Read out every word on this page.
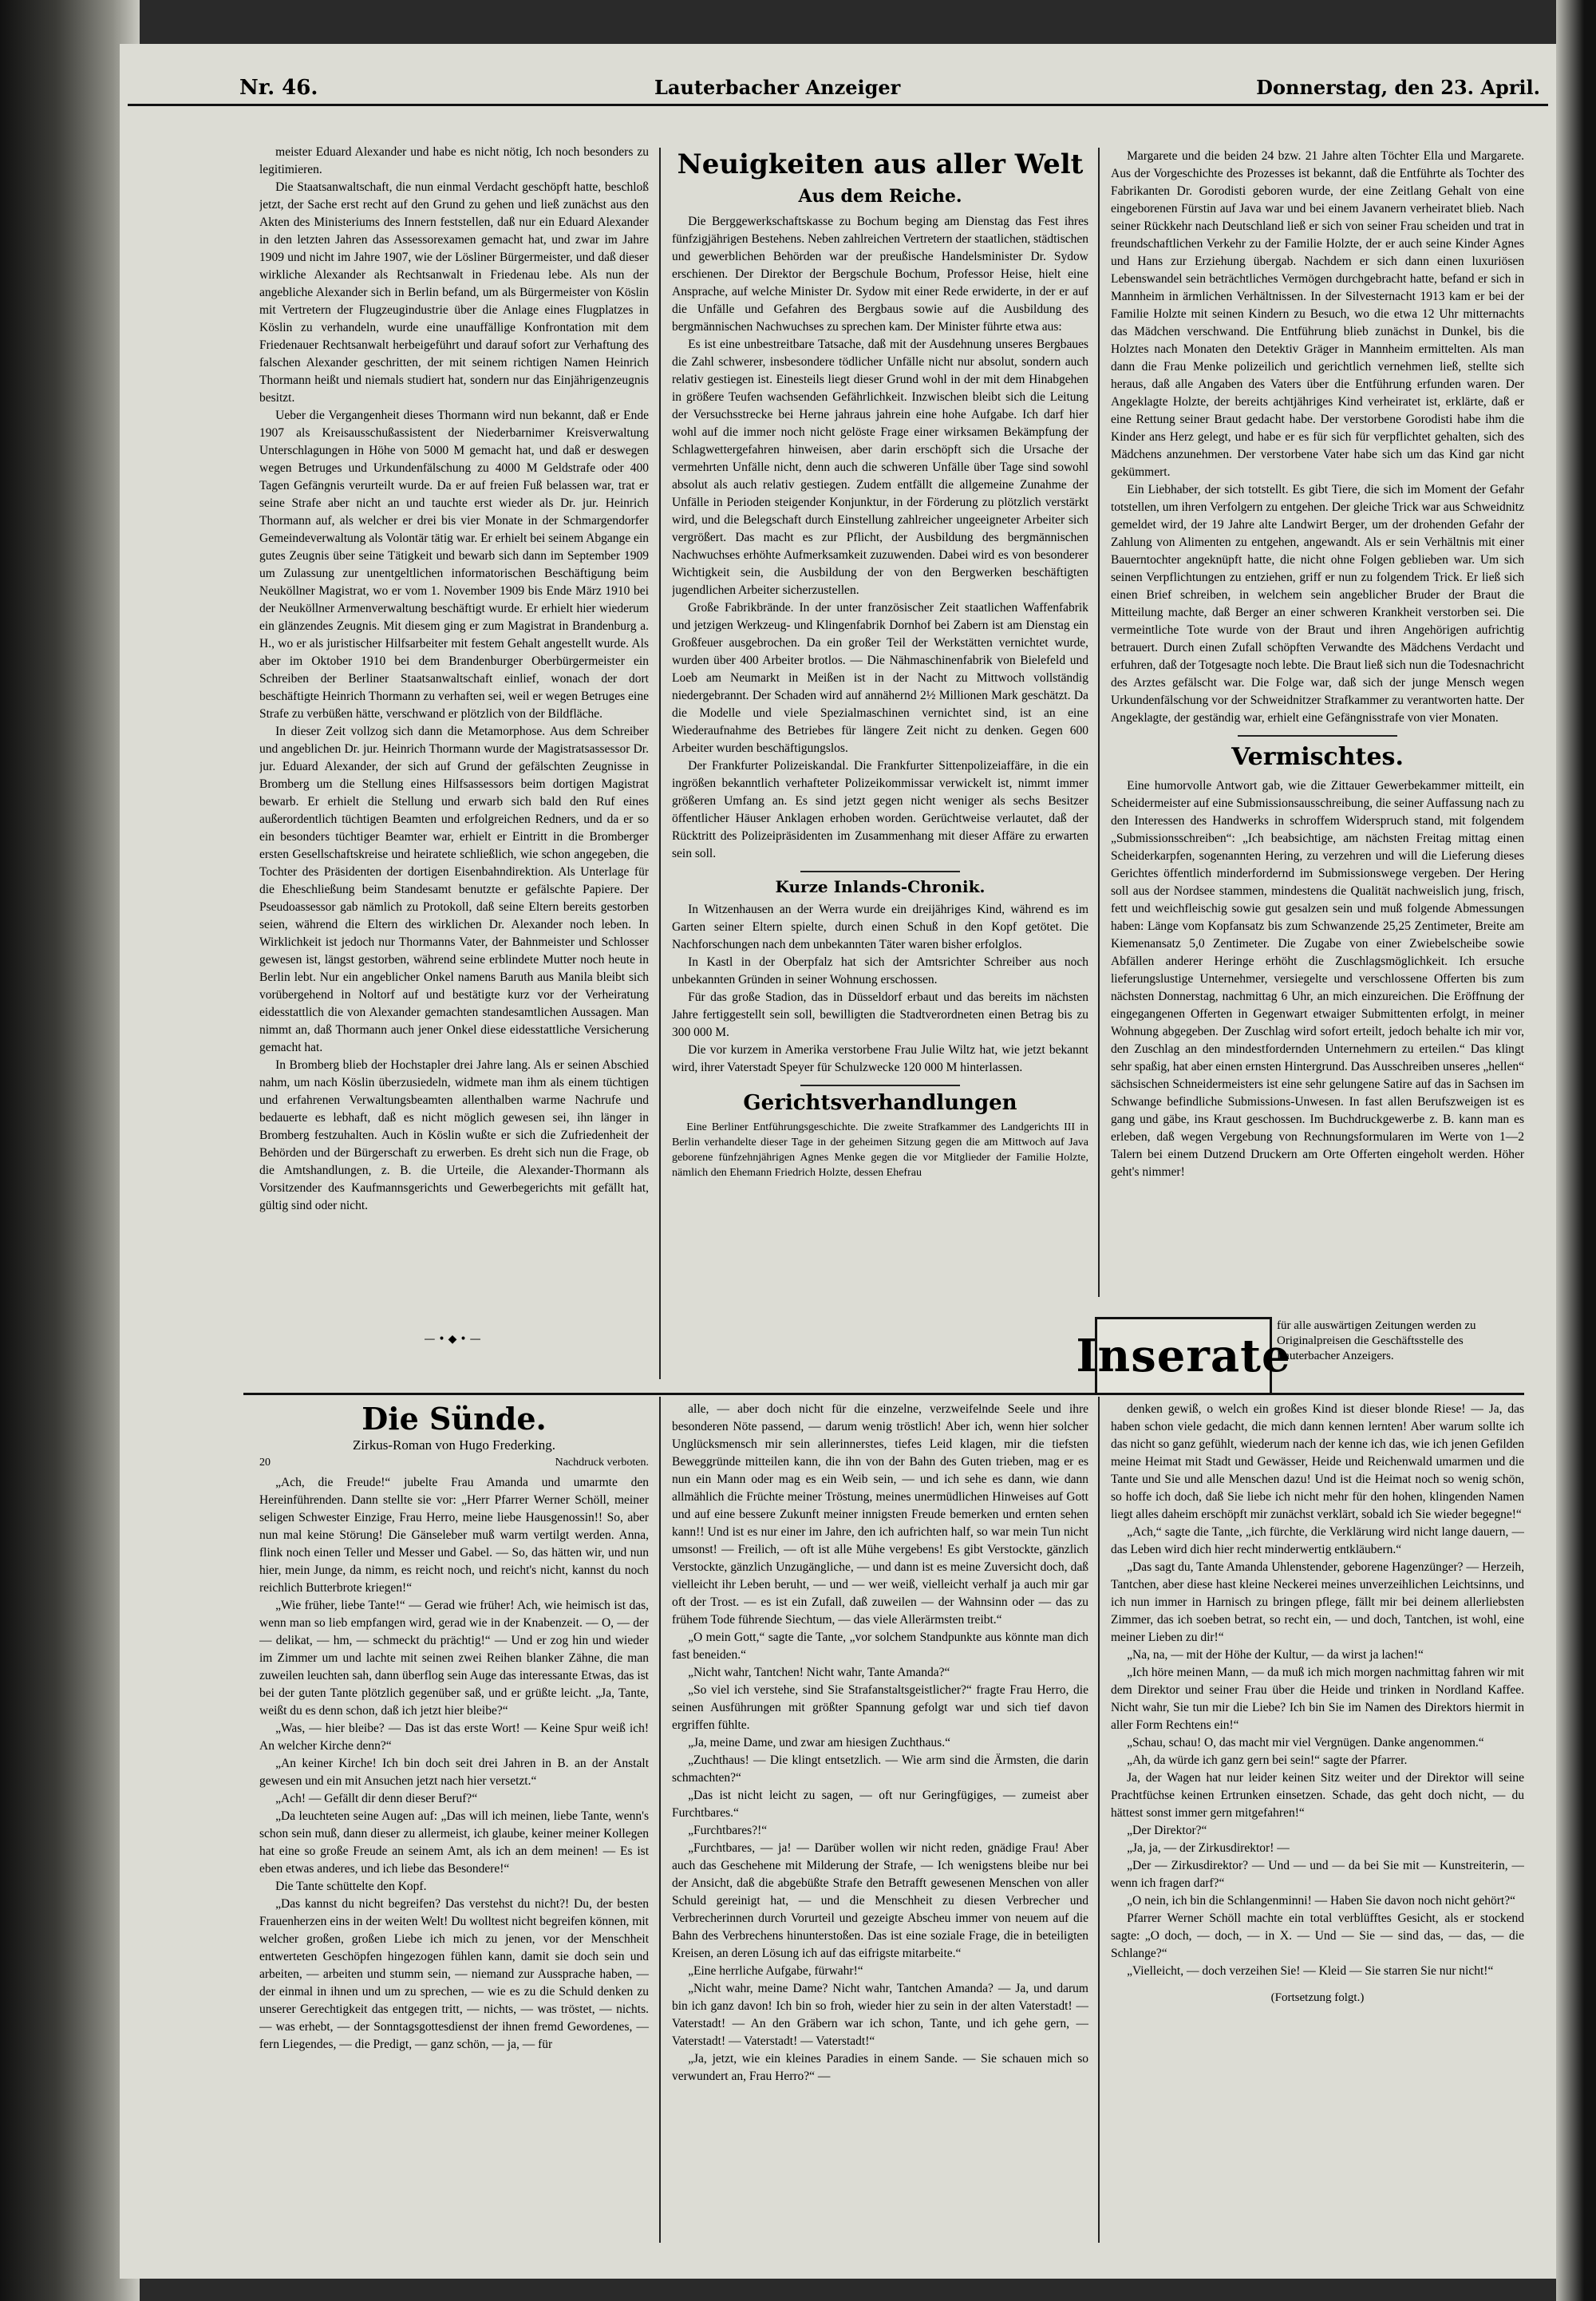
Nr. 46.	Lauterbacher Anzeiger	Donnerstag, den 23. April.

meister Eduard Alexander und habe es nicht nötig, Ich noch besonders zu legitimieren.

Die Staatsanwaltschaft, die nun einmal Verdacht geschöpft hatte, beschloß jetzt, der Sache erst recht auf den Grund zu gehen und ließ zunächst aus den Akten des Ministeriums des Innern feststellen, daß nur ein Eduard Alexander in den letzten Jahren das Assessorexamen gemacht hat, und zwar im Jahre 1909 und nicht im Jahre 1907, wie der Lösliner Bürgermeister, und daß dieser wirkliche Alexander als Rechtsanwalt in Friedenau lebe. Als nun der angebliche Alexander sich in Berlin befand, um als Bürgermeister von Köslin mit Vertretern der Flugzeugindustrie über die Anlage eines Flugplatzes in Köslin zu verhandeln, wurde eine unauffällige Konfrontation mit dem Friedenauer Rechtsanwalt herbeigeführt und darauf sofort zur Verhaftung des falschen Alexander geschritten, der mit seinem richtigen Namen Heinrich Thormann heißt und niemals studiert hat, sondern nur das Einjährigenzeugnis besitzt.

Ueber die Vergangenheit dieses Thormann wird nun bekannt, daß er Ende 1907 als Kreisausschußassistent der Niederbarnimer Kreisverwaltung Unterschlagungen in Höhe von 5000 M gemacht hat, und daß er deswegen wegen Betruges und Urkundenfälschung zu 4000 M Geldstrafe oder 400 Tagen Gefängnis verurteilt wurde. Da er auf freien Fuß belassen war, trat er seine Strafe aber nicht an und tauchte erst wieder als Dr. jur. Heinrich Thormann auf, als welcher er drei bis vier Monate in der Schmargendorfer Gemeindeverwaltung als Volontär tätig war. Er erhielt bei seinem Abgange ein gutes Zeugnis über seine Tätigkeit und bewarb sich dann im September 1909 um Zulassung zur unentgeltlichen informatorischen Beschäftigung beim Neuköllner Magistrat, wo er vom 1. November 1909 bis Ende März 1910 bei der Neuköllner Armenverwaltung beschäftigt wurde. Er erhielt hier wiederum ein glänzendes Zeugnis. Mit diesem ging er zum Magistrat in Brandenburg a. H., wo er als juristischer Hilfsarbeiter mit festem Gehalt angestellt wurde. Als aber im Oktober 1910 bei dem Brandenburger Oberbürgermeister ein Schreiben der Berliner Staatsanwaltschaft einlief, wonach der dort beschäftigte Heinrich Thormann zu verhaften sei, weil er wegen Betruges eine Strafe zu verbüßen hätte, verschwand er plötzlich von der Bildfläche.

In dieser Zeit vollzog sich dann die Metamorphose. Aus dem Schreiber und angeblichen Dr. jur. Heinrich Thormann wurde der Magistratsassessor Dr. jur. Eduard Alexander, der sich auf Grund der gefälschten Zeugnisse in Bromberg um die Stellung eines Hilfsassessors beim dortigen Magistrat bewarb. Er erhielt die Stellung und erwarb sich bald den Ruf eines außerordentlich tüchtigen Beamten und erfolgreichen Redners, und da er so ein besonders tüchtiger Beamter war, erhielt er Eintritt in die Bromberger ersten Gesellschaftskreise und heiratete schließlich, wie schon angegeben, die Tochter des Präsidenten der dortigen Eisenbahndirektion. Als Unterlage für die Eheschließung beim Standesamt benutzte er gefälschte Papiere. Der Pseudoassessor gab nämlich zu Protokoll, daß seine Eltern bereits gestorben seien, während die Eltern des wirklichen Dr. Alexander noch leben. In Wirklichkeit ist jedoch nur Thormanns Vater, der Bahnmeister und Schlosser gewesen ist, längst gestorben, während seine erblindete Mutter noch heute in Berlin lebt. Nur ein angeblicher Onkel namens Baruth aus Manila bleibt sich vorübergehend in Noltorf auf und bestätigte kurz vor der Verheiratung eidesstattlich die von Alexander gemachten standesamtlichen Aussagen. Man nimmt an, daß Thormann auch jener Onkel diese eidesstattliche Versicherung gemacht hat.

In Bromberg blieb der Hochstapler drei Jahre lang. Als er seinen Abschied nahm, um nach Köslin überzusiedeln, widmete man ihm als einem tüchtigen und erfahrenen Verwaltungsbeamten allenthalben warme Nachrufe und bedauerte es lebhaft, daß es nicht möglich gewesen sei, ihn länger in Bromberg festzuhalten. Auch in Köslin wußte er sich die Zufriedenheit der Behörden und der Bürgerschaft zu erwerben. Es dreht sich nun die Frage, ob die Amtshandlungen, z. B. die Urteile, die Alexander-Thormann als Vorsitzender des Kaufmannsgerichts und Gewerbegerichts mit gefällt hat, gültig sind oder nicht.

—•◆•—
Neuigkeiten aus aller Welt
Aus dem Reiche.

Die Berggewerkschaftskasse zu Bochum beging am Dienstag das Fest ihres fünfzigjährigen Bestehens. Neben zahlreichen Vertretern der staatlichen, städtischen und gewerblichen Behörden war der preußische Handelsminister Dr. Sydow erschienen. Der Direktor der Bergschule Bochum, Professor Heise, hielt eine Ansprache, auf welche Minister Dr. Sydow mit einer Rede erwiderte, in der er auf die Unfälle und Gefahren des Bergbaus sowie auf die Ausbildung des bergmännischen Nachwuchses zu sprechen kam. Der Minister führte etwa aus:

Es ist eine unbestreitbare Tatsache, daß mit der Ausdehnung unseres Bergbaues die Zahl schwerer, insbesondere tödlicher Unfälle nicht nur absolut, sondern auch relativ gestiegen ist. Einesteils liegt dieser Grund wohl in der mit dem Hinabgehen in größere Teufen wachsenden Gefährlichkeit. Inzwischen bleibt sich die Leitung der Versuchsstrecke bei Herne jahraus jahrein eine hohe Aufgabe. Ich darf hier wohl auf die immer noch nicht gelöste Frage einer wirksamen Bekämpfung der Schlagwettergefahren hinweisen, aber darin erschöpft sich die Ursache der vermehrten Unfälle nicht, denn auch die schweren Unfälle über Tage sind sowohl absolut als auch relativ gestiegen. Zudem entfällt die allgemeine Zunahme der Unfälle in Perioden steigender Konjunktur, in der Förderung zu plötzlich verstärkt wird, und die Belegschaft durch Einstellung zahlreicher ungeeigneter Arbeiter sich vergrößert. Das macht es zur Pflicht, der Ausbildung des bergmännischen Nachwuchses erhöhte Aufmerksamkeit zuzuwenden. Dabei wird es von besonderer Wichtigkeit sein, die Ausbildung der von den Bergwerken beschäftigten jugendlichen Arbeiter sicherzustellen.

Große Fabrikbrände. In der unter französischer Zeit staatlichen Waffenfabrik und jetzigen Werkzeug- und Klingenfabrik Dornhof bei Zabern ist am Dienstag ein Großfeuer ausgebrochen. Da ein großer Teil der Werkstätten vernichtet wurde, wurden über 400 Arbeiter brotlos. — Die Nähmaschinenfabrik von Bielefeld und Loeb am Neumarkt in Meißen ist in der Nacht zu Mittwoch vollständig niedergebrannt. Der Schaden wird auf annähernd 2½ Millionen Mark geschätzt. Da die Modelle und viele Spezialmaschinen vernichtet sind, ist an eine Wiederaufnahme des Betriebes für längere Zeit nicht zu denken. Gegen 600 Arbeiter wurden beschäftigungslos.

Der Frankfurter Polizeiskandal. Die Frankfurter Sittenpolizeiaffäre, in die ein ingrößen bekanntlich verhafteter Polizeikommissar verwickelt ist, nimmt immer größeren Umfang an. Es sind jetzt gegen nicht weniger als sechs Besitzer öffentlicher Häuser Anklagen erhoben worden. Gerüchtweise verlautet, daß der Rücktritt des Polizeipräsidenten im Zusammenhang mit dieser Affäre zu erwarten sein soll.

Kurze Inlands-Chronik.

In Witzenhausen an der Werra wurde ein dreijähriges Kind, während es im Garten seiner Eltern spielte, durch einen Schuß in den Kopf getötet. Die Nachforschungen nach dem unbekannten Täter waren bisher erfolglos.

In Kastl in der Oberpfalz hat sich der Amtsrichter Schreiber aus noch unbekannten Gründen in seiner Wohnung erschossen.

Für das große Stadion, das in Düsseldorf erbaut und das bereits im nächsten Jahre fertiggestellt sein soll, bewilligten die Stadtverordneten einen Betrag bis zu 300 000 M.

Die vor kurzem in Amerika verstorbene Frau Julie Wiltz hat, wie jetzt bekannt wird, ihrer Vaterstadt Speyer für Schulzwecke 120 000 M hinterlassen.

Gerichtsverhandlungen

Eine Berliner Entführungsgeschichte. Die zweite Strafkammer des Landgerichts III in Berlin verhandelte dieser Tage in der geheimen Sitzung gegen die am Mittwoch auf Java geborene fünfzehnjährigen Agnes Menke gegen die vor Mitglieder der Familie Holzte, nämlich den Ehemann Friedrich Holzte, dessen Ehefrau

Margarete und die beiden 24 bzw. 21 Jahre alten Töchter Ella und Margarete. Aus der Vorgeschichte des Prozesses ist bekannt, daß die Entführte als Tochter des Fabrikanten Dr. Gorodisti geboren wurde, der eine Zeitlang Gehalt von eine eingeborenen Fürstin auf Java war und bei einem Javanern verheiratet blieb. Nach seiner Rückkehr nach Deutschland ließ er sich von seiner Frau scheiden und trat in freundschaftlichen Verkehr zu der Familie Holzte, der er auch seine Kinder Agnes und Hans zur Erziehung übergab. Nachdem er sich dann einen luxuriösen Lebenswandel sein beträchtliches Vermögen durchgebracht hatte, befand er sich in Mannheim in ärmlichen Verhältnissen. In der Silvesternacht 1913 kam er bei der Familie Holzte mit seinen Kindern zu Besuch, wo die etwa 12 Uhr mitternachts das Mädchen verschwand. Die Entführung blieb zunächst in Dunkel, bis die Holztes nach Monaten den Detektiv Gräger in Mannheim ermittelten. Als man dann die Frau Menke polizeilich und gerichtlich vernehmen ließ, stellte sich heraus, daß alle Angaben des Vaters über die Entführung erfunden waren. Der Angeklagte Holzte, der bereits achtjähriges Kind verheiratet ist, erklärte, daß er eine Rettung seiner Braut gedacht habe. Der verstorbene Gorodisti habe ihm die Kinder ans Herz gelegt, und habe er es für sich für verpflichtet gehalten, sich des Mädchens anzunehmen. Der verstorbene Vater habe sich um das Kind gar nicht gekümmert.

Ein Liebhaber, der sich totstellt. Es gibt Tiere, die sich im Moment der Gefahr totstellen, um ihren Verfolgern zu entgehen. Der gleiche Trick war aus Schweidnitz gemeldet wird, der 19 Jahre alte Landwirt Berger, um der drohenden Gefahr der Zahlung von Alimenten zu entgehen, angewandt. Als er sein Verhältnis mit einer Bauerntochter angeknüpft hatte, die nicht ohne Folgen geblieben war. Um sich seinen Verpflichtungen zu entziehen, griff er nun zu folgendem Trick. Er ließ sich einen Brief schreiben, in welchem sein angeblicher Bruder der Braut die Mitteilung machte, daß Berger an einer schweren Krankheit verstorben sei. Die vermeintliche Tote wurde von der Braut und ihren Angehörigen aufrichtig betrauert. Durch einen Zufall schöpften Verwandte des Mädchens Verdacht und erfuhren, daß der Totgesagte noch lebte. Die Braut ließ sich nun die Todesnachricht des Arztes gefälscht war. Die Folge war, daß sich der junge Mensch wegen Urkundenfälschung vor der Schweidnitzer Strafkammer zu verantworten hatte. Der Angeklagte, der geständig war, erhielt eine Gefängnisstrafe von vier Monaten.

Vermischtes.

Eine humorvolle Antwort gab, wie die Zittauer Gewerbekammer mitteilt, ein Scheidermeister auf eine Submissionsausschreibung, die seiner Auffassung nach zu den Interessen des Handwerks in schroffem Widerspruch stand, mit folgendem „Submissionsschreiben“: „Ich beabsichtige, am nächsten Freitag mittag einen Scheiderkarpfen, sogenannten Hering, zu verzehren und will die Lieferung dieses Gerichtes öffentlich minderfordernd im Submissionswege vergeben. Der Hering soll aus der Nordsee stammen, mindestens die Qualität nachweislich jung, frisch, fett und weichfleischig sowie gut gesalzen sein und muß folgende Abmessungen haben: Länge vom Kopfansatz bis zum Schwanzende 25,25 Zentimeter, Breite am Kiemenansatz 5,0 Zentimeter. Die Zugabe von einer Zwiebelscheibe sowie Abfällen anderer Heringe erhöht die Zuschlagsmöglichkeit. Ich ersuche lieferungslustige Unternehmer, versiegelte und verschlossene Offerten bis zum nächsten Donnerstag, nachmittag 6 Uhr, an mich einzureichen. Die Eröffnung der eingegangenen Offerten in Gegenwart etwaiger Submittenten erfolgt, in meiner Wohnung abgegeben. Der Zuschlag wird sofort erteilt, jedoch behalte ich mir vor, den Zuschlag an den mindestfordernden Unternehmern zu erteilen.“ Das klingt sehr spaßig, hat aber einen ernsten Hintergrund. Das Ausschreiben unseres „hellen“ sächsischen Schneidermeisters ist eine sehr gelungene Satire auf das in Sachsen im Schwange befindliche Submissions-Unwesen. In fast allen Berufszweigen ist es gang und gäbe, ins Kraut geschossen. Im Buchdruckgewerbe z. B. kann man es erleben, daß wegen Vergebung von Rechnungsformularen im Werte von 1—2 Talern bei einem Dutzend Druckern am Orte Offerten eingeholt werden. Höher geht's nimmer!

Inserate
für alle auswärtigen Zeitungen werden zu Originalpreisen die Geschäftsstelle des Lauterbacher Anzeigers.
Die Sünde.
Zirkus-Roman von Hugo Frederking.
20	Nachdruck verboten.

„Ach, die Freude!“ jubelte Frau Amanda und umarmte den Hereinführenden. Dann stellte sie vor: „Herr Pfarrer Werner Schöll, meiner seligen Schwester Einzige, Frau Herro, meine liebe Hausgenossin!! So, aber nun mal keine Störung! Die Gänseleber muß warm vertilgt werden. Anna, flink noch einen Teller und Messer und Gabel. — So, das hätten wir, und nun hier, mein Junge, da nimm, es reicht noch, und reicht's nicht, kannst du noch reichlich Butterbrote kriegen!“

„Wie früher, liebe Tante!“ — Gerad wie früher! Ach, wie heimisch ist das, wenn man so lieb empfangen wird, gerad wie in der Knabenzeit. — O, — der — delikat, — hm, — schmeckt du prächtig!“ — Und er zog hin und wieder im Zimmer um und lachte mit seinen zwei Reihen blanker Zähne, die man zuweilen leuchten sah, dann überflog sein Auge das interessante Etwas, das ist bei der guten Tante plötzlich gegenüber saß, und er grüßte leicht. „Ja, Tante, weißt du es denn schon, daß ich jetzt hier bleibe?“

„Was, — hier bleibe? — Das ist das erste Wort! — Keine Spur weiß ich! An welcher Kirche denn?“

„An keiner Kirche! Ich bin doch seit drei Jahren in B. an der Anstalt gewesen und ein mit Ansuchen jetzt nach hier versetzt.“

„Ach! — Gefällt dir denn dieser Beruf?“

„Da leuchteten seine Augen auf: „Das will ich meinen, liebe Tante, wenn's schon sein muß, dann dieser zu allermeist, ich glaube, keiner meiner Kollegen hat eine so große Freude an seinem Amt, als ich an dem meinen! — Es ist eben etwas anderes, und ich liebe das Besondere!“

Die Tante schüttelte den Kopf.

„Das kannst du nicht begreifen? Das verstehst du nicht?! Du, der besten Frauenherzen eins in der weiten Welt! Du wolltest nicht begreifen können, mit welcher großen, großen Liebe ich mich zu jenen, vor der Menschheit entwerteten Geschöpfen hingezogen fühlen kann, damit sie doch sein und arbeiten, — arbeiten und stumm sein, — niemand zur Aussprache haben, — der einmal in ihnen und um zu sprechen, — wie es zu die Schuld denken zu unserer Gerechtigkeit das entgegen tritt, — nichts, — was tröstet, — nichts. — was erhebt, — der Sonntagsgottesdienst der ihnen fremd Gewordenes, — fern Liegendes, — die Predigt, — ganz schön, — ja, — für

alle, — aber doch nicht für die einzelne, verzweifelnde Seele und ihre besonderen Nöte passend, — darum wenig tröstlich! Aber ich, wenn hier solcher Unglücksmensch mir sein allerinnerstes, tiefes Leid klagen, mir die tiefsten Beweggründe mitteilen kann, die ihn von der Bahn des Guten trieben, mag er es nun ein Mann oder mag es ein Weib sein, — und ich sehe es dann, wie dann allmählich die Früchte meiner Tröstung, meines unermüdlichen Hinweises auf Gott und auf eine bessere Zukunft meiner innigsten Freude bemerken und ernten sehen kann!! Und ist es nur einer im Jahre, den ich aufrichten half, so war mein Tun nicht umsonst! — Freilich, — oft ist alle Mühe vergebens! Es gibt Verstockte, gänzlich Verstockte, gänzlich Unzugängliche, — und dann ist es meine Zuversicht doch, daß vielleicht ihr Leben beruht, — und — wer weiß, vielleicht verhalf ja auch mir gar oft der Trost. — es ist ein Zufall, daß zuweilen — der Wahnsinn oder — das zu frühem Tode führende Siechtum, — das viele Allerärmsten treibt.“

„O mein Gott,“ sagte die Tante, „vor solchem Standpunkte aus könnte man dich fast beneiden.“

„Nicht wahr, Tantchen! Nicht wahr, Tante Amanda?“

„So viel ich verstehe, sind Sie Strafanstaltsgeistlicher?“ fragte Frau Herro, die seinen Ausführungen mit größter Spannung gefolgt war und sich tief davon ergriffen fühlte.

„Ja, meine Dame, und zwar am hiesigen Zuchthaus.“

„Zuchthaus! — Die klingt entsetzlich. — Wie arm sind die Ärmsten, die darin schmachten?“

„Das ist nicht leicht zu sagen, — oft nur Geringfügiges, — zumeist aber Furchtbares.“

„Furchtbares?!“

„Furchtbares, — ja! — Darüber wollen wir nicht reden, gnädige Frau! Aber auch das Geschehene mit Milderung der Strafe, — Ich wenigstens bleibe nur bei der Ansicht, daß die abgebüßte Strafe den Betrafft gewesenen Menschen von aller Schuld gereinigt hat, — und die Menschheit zu diesen Verbrecher und Verbrecherinnen durch Vorurteil und gezeigte Abscheu immer von neuem auf die Bahn des Verbrechens hinunterstoßen. Das ist eine soziale Frage, die in beteiligten Kreisen, an deren Lösung ich auf das eifrigste mitarbeite.“

„Eine herrliche Aufgabe, fürwahr!“

„Nicht wahr, meine Dame? Nicht wahr, Tantchen Amanda? — Ja, und darum bin ich ganz davon! Ich bin so froh, wieder hier zu sein in der alten Vaterstadt! — Vaterstadt! — An den Gräbern war ich schon, Tante, und ich gehe gern, — Vaterstadt! — Vaterstadt! — Vaterstadt!“

„Ja, jetzt, wie ein kleines Paradies in einem Sande. — Sie schauen mich so verwundert an, Frau Herro?“ —

denken gewiß, o welch ein großes Kind ist dieser blonde Riese! — Ja, das haben schon viele gedacht, die mich dann kennen lernten! Aber warum sollte ich das nicht so ganz gefühlt, wiederum nach der kenne ich das, wie ich jenen Gefilden meine Heimat mit Stadt und Gewässer, Heide und Reichenwald umarmen und die Tante und Sie und alle Menschen dazu! Und ist die Heimat noch so wenig schön, so hoffe ich doch, daß Sie liebe ich nicht mehr für den hohen, klingenden Namen liegt alles daheim erschöpft mir zunächst verklärt, sobald ich Sie wieder begegne!“

„Ach,“ sagte die Tante, „ich fürchte, die Verklärung wird nicht lange dauern, — das Leben wird dich hier recht minderwertig entkläubern.“

„Das sagt du, Tante Amanda Uhlenstender, geborene Hagenzünger? — Herzeih, Tantchen, aber diese hast kleine Neckerei meines unverzeihlichen Leichtsinns, und ich nun immer in Harnisch zu bringen pflege, fällt mir bei deinem allerliebsten Zimmer, das ich soeben betrat, so recht ein, — und doch, Tantchen, ist wohl, eine meiner Lieben zu dir!“

„Na, na, — mit der Höhe der Kultur, — da wirst ja lachen!“

„Ich höre meinen Mann, — da muß ich mich morgen nachmittag fahren wir mit dem Direktor und seiner Frau über die Heide und trinken in Nordland Kaffee. Nicht wahr, Sie tun mir die Liebe? Ich bin Sie im Namen des Direktors hiermit in aller Form Rechtens ein!“

„Schau, schau! O, das macht mir viel Vergnügen. Danke angenommen.“

„Ah, da würde ich ganz gern bei sein!“ sagte der Pfarrer.

Ja, der Wagen hat nur leider keinen Sitz weiter und der Direktor will seine Prachtfüchse keinen Ertrunken einsetzen. Schade, das geht doch nicht, — du hättest sonst immer gern mitgefahren!“

„Der Direktor?“

„Ja, ja, — der Zirkusdirektor! —

„Der — Zirkusdirektor? — Und — und — da bei Sie mit — Kunstreiterin, — wenn ich fragen darf?“

„O nein, ich bin die Schlangenminni! — Haben Sie davon noch nicht gehört?“

Pfarrer Werner Schöll machte ein total verblüfftes Gesicht, als er stockend sagte: „O doch, — doch, — in X. — Und — Sie — sind das, — das, — die Schlange?“

„Vielleicht, — doch verzeihen Sie! — Kleid — Sie starren Sie nur nicht!“

(Fortsetzung folgt.)
